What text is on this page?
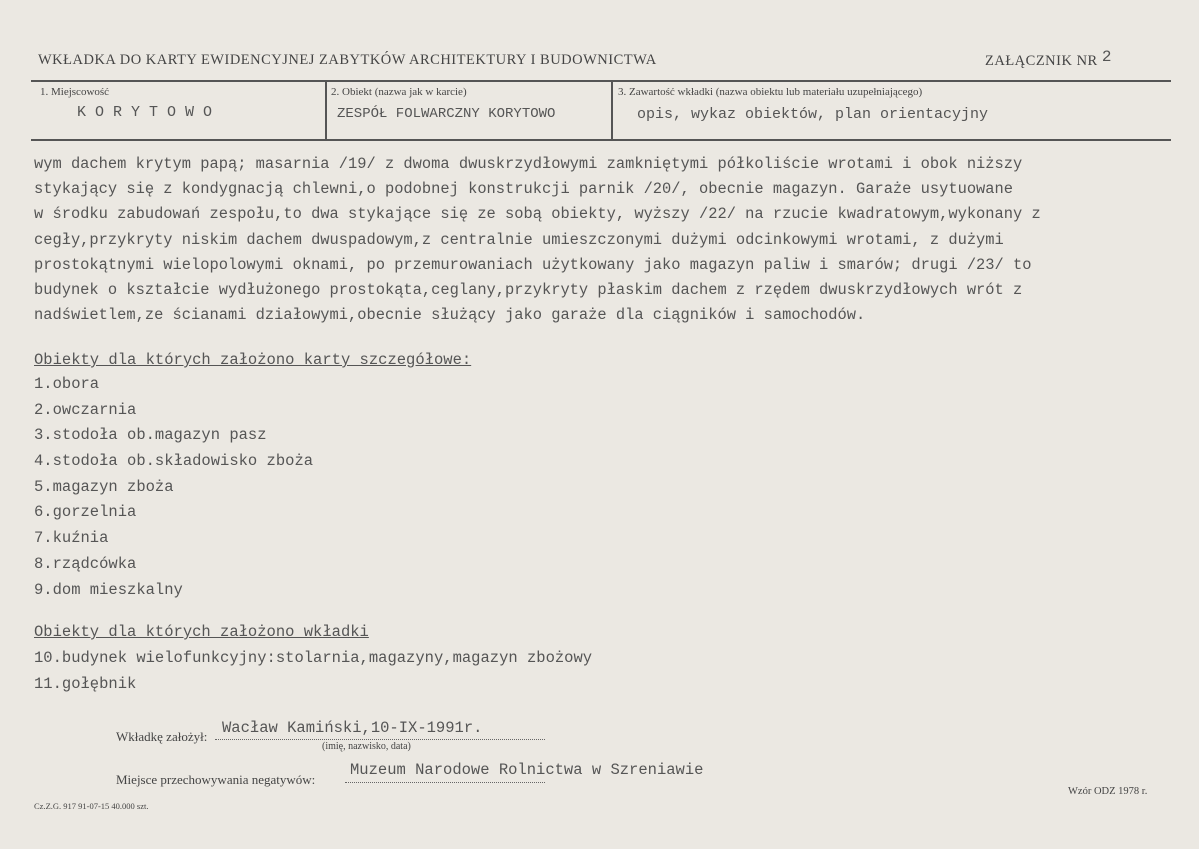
WKŁADKA DO KARTY EWIDENCYJNEJ ZABYTKÓW ARCHITEKTURY I BUDOWNICTWA	ZAŁĄCZNIK NR 2
1. Miejscowość
KORYTOWO
2. Obiekt (nazwa jak w karcie)
ZESPÓŁ FOLWARCZNY KORYTOWO
3. Zawartość wkładki (nazwa obiektu lub materiału uzupełniającego)
opis, wykaz obiektów, plan orientacyjny
wym dachem krytym papą; masarnia /19/ z dwoma dwuskrzydłowymi zamkniętymi półkoliście wrotami i obok niższy
stykający się z kondygnacją chlewni,o podobnej konstrukcji parnik /20/, obecnie magazyn. Garaże usytuowane
w środku zabudowań zespołu,to dwa stykające się ze sobą obiekty, wyższy /22/ na rzucie kwadratowym,wykonany z
cegły,przykryty niskim dachem dwuspadowym,z centralnie umieszczonymi dużymi odcinkowymi wrotami, z dużymi
prostokątnymi wielopolowymi oknami, po przemurowaniach użytkowany jako magazyn paliw i smarów; drugi /23/ to
budynek o kształcie wydłużonego prostokąta,ceglany,przykryty płaskim dachem z rzędem dwuskrzydłowych wrót z
nadświetlem,ze ścianami działowymi,obecnie służący jako garaże dla ciągników i samochodów.
Obiekty dla których założono karty szczegółowe:
1.obora
2.owczarnia
3.stodoła ob.magazyn pasz
4.stodoła ob.składowisko zboża
5.magazyn zboża
6.gorzelnia
7.kuźnia
8.rządcówka
9.dom mieszkalny
Obiekty dla których założono wkładki
10.budynek wielofunkcyjny:stolarnia,magazyny,magazyn zbożowy
11.gołębnik
Wkładkę założył: Wacław Kamiński,10-IX-1991r.
(imię, nazwisko, data)
Miejsce przechowywania negatywów:
Muzeum Narodowe Rolnictwa w Szreniawie
Cz.Z.G. 917 91-07-15 40.000 szt.
Wzór ODZ 1978 r.
